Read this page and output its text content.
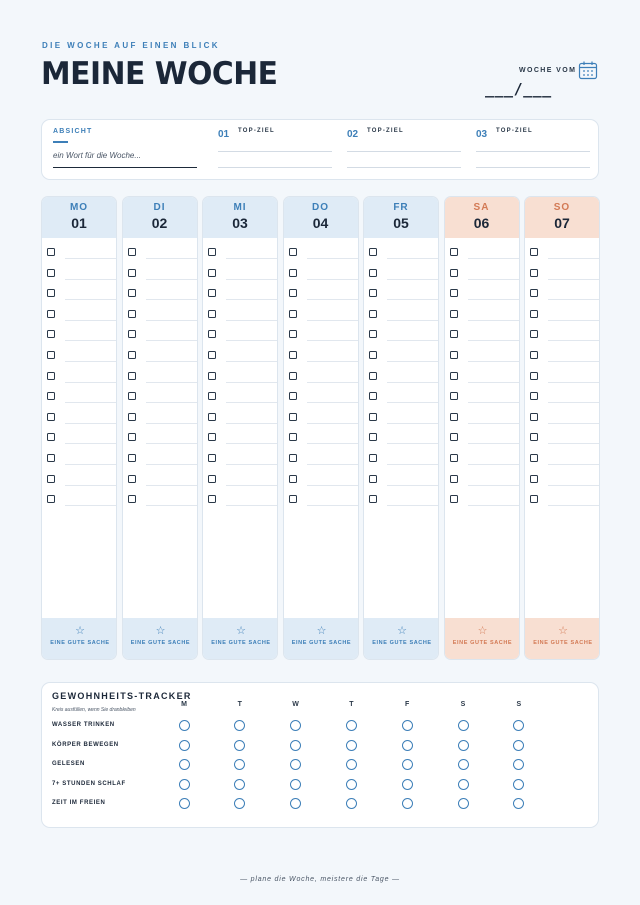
DIE WOCHE AUF EINEN BLICK
MEINE WOCHE	WOCHE VOM
___/___
ABSICHT
ein Wort für die Woche...
01 TOP-ZIEL	02 TOP-ZIEL	03 TOP-ZIEL
MO
01
☆
EINE GUTE SACHE
DI
02
☆
EINE GUTE SACHE
MI
03
☆
EINE GUTE SACHE
DO
04
☆
EINE GUTE SACHE
FR
05
☆
EINE GUTE SACHE
SA
06
☆
EINE GUTE SACHE
SO
07
☆
EINE GUTE SACHE
GEWOHNHEITS-TRACKER
Kreis ausfüllen, wenn Sie dranbleiben
M	T	W	T	F	S	S
WASSER TRINKEN
KÖRPER BEWEGEN
GELESEN
7+ STUNDEN SCHLAF
ZEIT IM FREIEN
— plane die Woche, meistere die Tage —
